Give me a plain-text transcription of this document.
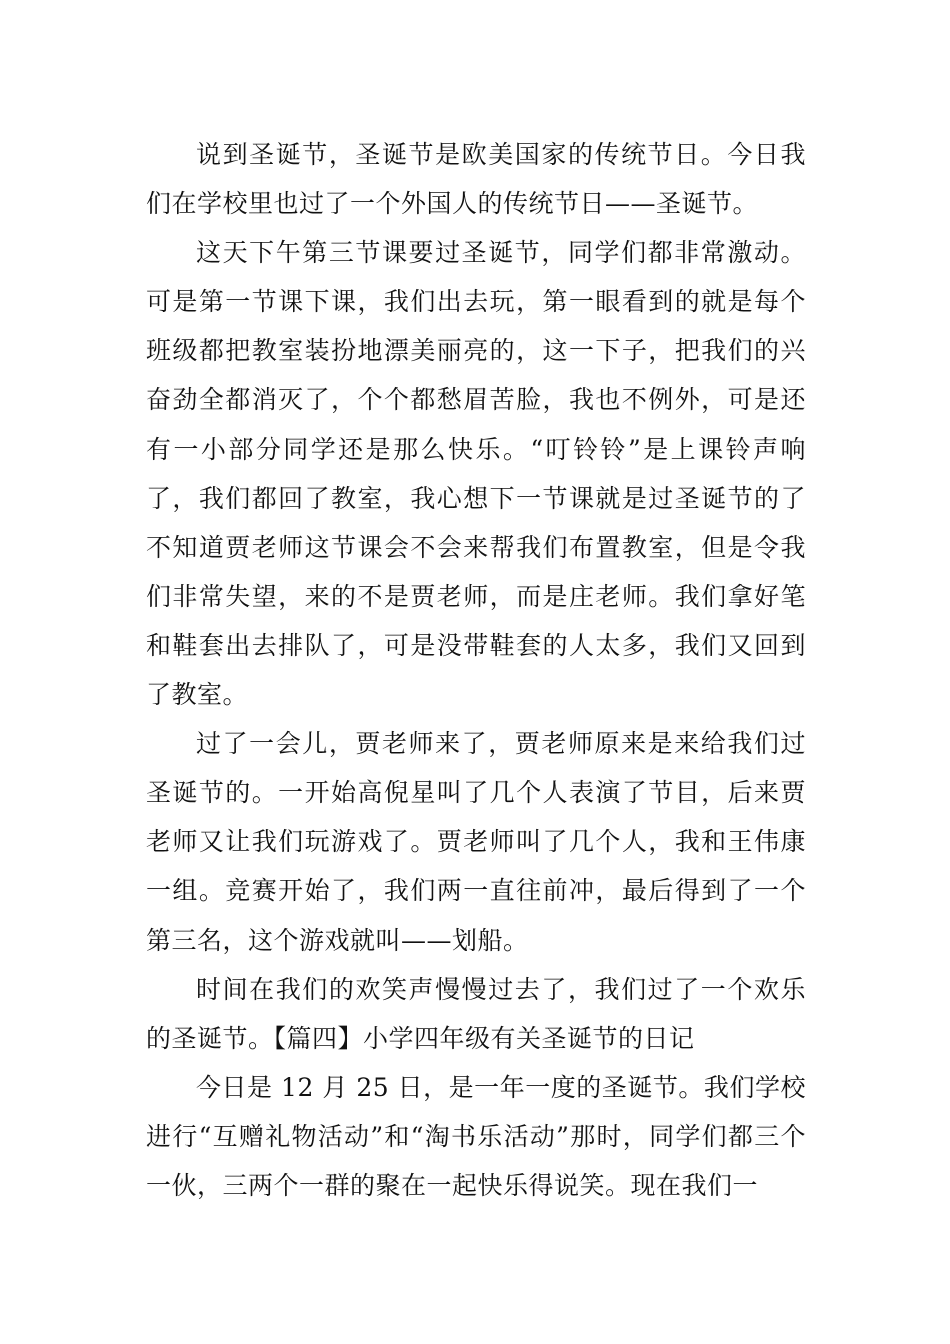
说到圣诞节，圣诞节是欧美国家的传统节日。今日我们在学校里也过了一个外国人的传统节日——圣诞节。

这天下午第三节课要过圣诞节，同学们都非常激动。可是第一节课下课，我们出去玩，第一眼看到的就是每个班级都把教室装扮地漂美丽亮的，这一下子，把我们的兴奋劲全都消灭了，个个都愁眉苦脸，我也不例外，可是还有一小部分同学还是那么快乐。“叮铃铃”是上课铃声响了，我们都回了教室，我心想下一节课就是过圣诞节的了不知道贾老师这节课会不会来帮我们布置教室，但是令我们非常失望，来的不是贾老师，而是庄老师。我们拿好笔和鞋套出去排队了，可是没带鞋套的人太多，我们又回到了教室。

过了一会儿，贾老师来了，贾老师原来是来给我们过圣诞节的。一开始高倪星叫了几个人表演了节目，后来贾老师又让我们玩游戏了。贾老师叫了几个人，我和王伟康一组。竞赛开始了，我们两一直往前冲，最后得到了一个第三名，这个游戏就叫——划船。

时间在我们的欢笑声慢慢过去了，我们过了一个欢乐的圣诞节。【篇四】小学四年级有关圣诞节的日记

今日是 12 月 25 日，是一年一度的圣诞节。我们学校进行“互赠礼物活动”和“淘书乐活动”那时，同学们都三个一伙，三两个一群的聚在一起快乐得说笑。现在我们一
